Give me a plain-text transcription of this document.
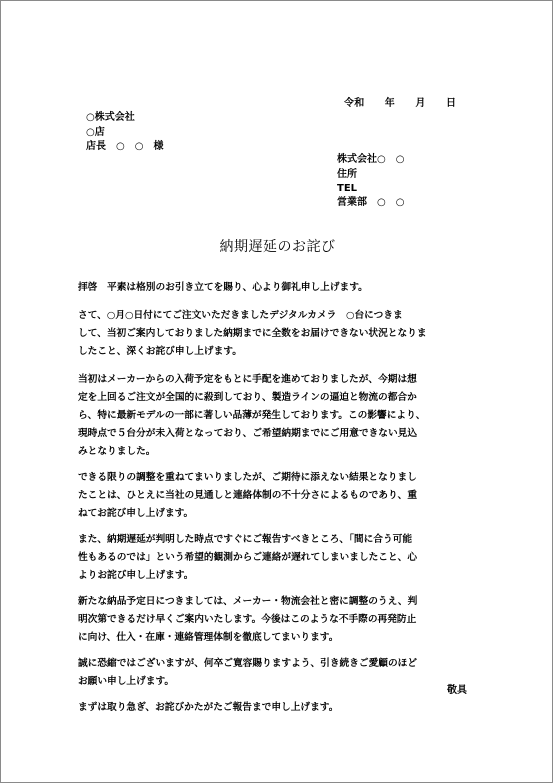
令和　　年　　月　　日
○株式会社
○店
店長　○　○　様
株式会社○　○
住所
TEL
営業部　○　○
納期遅延のお詫び
拝啓　平素は格別のお引き立てを賜り、心より御礼申し上げます。
さて、○月○日付にてご注文いただきましたデジタルカメラ　○台につきま
して、当初ご案内しておりました納期までに全数をお届けできない状況となりま
したこと、深くお詫び申し上げます。
当初はメーカーからの入荷予定をもとに手配を進めておりましたが、今期は想
定を上回るご注文が全国的に殺到しており、製造ラインの逼迫と物流の都合か
ら、特に最新モデルの一部に著しい品薄が発生しております。この影響により、
現時点で５台分が未入荷となっており、ご希望納期までにご用意できない見込
みとなりました。
できる限りの調整を重ねてまいりましたが、ご期待に添えない結果となりまし
たことは、ひとえに当社の見通しと連絡体制の不十分さによるものであり、重
ねてお詫び申し上げます。
また、納期遅延が判明した時点ですぐにご報告すべきところ、「間に合う可能
性もあるのでは」という希望的観測からご連絡が遅れてしまいましたこと、心
よりお詫び申し上げます。
新たな納品予定日につきましては、メーカー・物流会社と密に調整のうえ、判
明次第できるだけ早くご案内いたします。今後はこのような不手際の再発防止
に向け、仕入・在庫・連絡管理体制を徹底してまいります。
誠に恐縮ではございますが、何卒ご寛容賜りますよう、引き続きご愛顧のほど
お願い申し上げます。
まずは取り急ぎ、お詫びかたがたご報告まで申し上げます。
敬具
